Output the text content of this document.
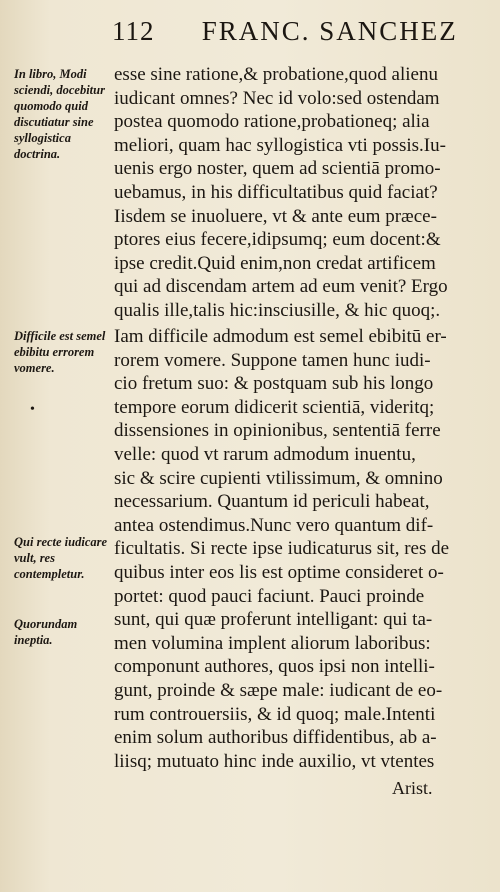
112 FRANC. SANCHEZ
In libro, Modi sciendi, docebitur quomodo quid discutiatur sine syllogistica doctrina.
Difficile est semel ebibitu errorem vomere.
Qui recte iudicare vult, res contempletur.
Quorundam ineptia.
•
esse sine ratione,& probatione,quod alienu
iudicant omnes? Nec id volo:sed ostendam
postea quomodo ratione,probationeq; alia
meliori, quam hac syllogistica vti possis.Iu-
uenis ergo noster, quem ad scientiā promo-
uebamus, in his difficultatibus quid faciat?
Iisdem se inuoluere, vt & ante eum præce-
ptores eius fecere,idipsumq; eum docent:&
ipse credit.Quid enim,non credat artificem
qui ad discendam artem ad eum venit? Ergo
qualis ille,talis hic:insciusille, & hic quoq;.
Iam difficile admodum est semel ebibitū er-
rorem vomere. Suppone tamen hunc iudi-
cio fretum suo: & postquam sub his longo
tempore eorum didicerit scientiā, videritq;
dissensiones in opinionibus, sententiā ferre
velle: quod vt rarum admodum inuentu,
sic & scire cupienti vtilissimum, & omnino
necessarium. Quantum id periculi habeat,
antea ostendimus.Nunc vero quantum dif-
ficultatis. Si recte ipse iudicaturus sit, res de
quibus inter eos lis est optime consideret o-
portet: quod pauci faciunt. Pauci proinde
sunt, qui quæ proferunt intelligant: qui ta-
men volumina implent aliorum laboribus:
componunt authores, quos ipsi non intelli-
gunt, proinde & sæpe male: iudicant de eo-
rum controuersiis, & id quoq; male.Intenti
enim solum authoribus diffidentibus, ab a-
liisq; mutuato hinc inde auxilio, vt vtentes
Arist.
